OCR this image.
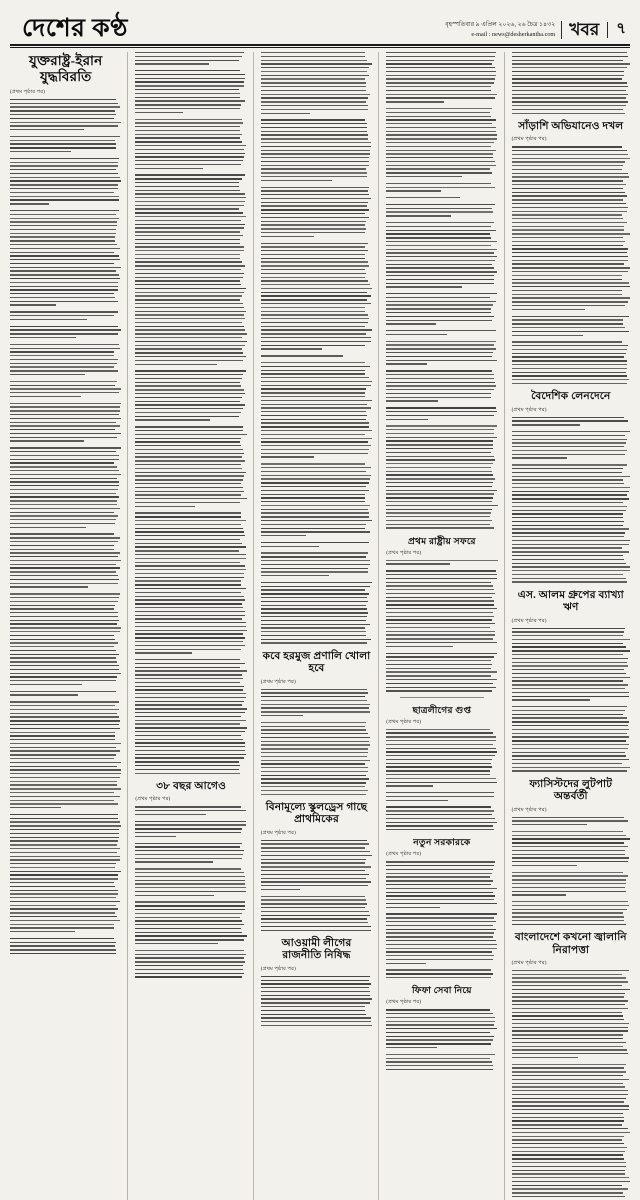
দেশের কণ্ঠ	বৃহস্পতিবার ৯ এপ্রিল ২০২৬, ২৬ চৈত্র ১৪৩২
e-mail : news@desherkantha.com খবর	৭
যুক্তরাষ্ট্র-ইরান যুদ্ধবিরতি
(প্রথম পৃষ্ঠার পর)
৩৮ বছর আগেও
(প্রথম পৃষ্ঠার পর)
কবে হরমুজ প্রণালি খোলা হবে
(প্রথম পৃষ্ঠার পর)
বিনামূল্যে স্কুলড্রেস গাছে প্রাথমিকের
(প্রথম পৃষ্ঠার পর)
আওয়ামী লীগের রাজনীতি নিষিদ্ধ
(প্রথম পৃষ্ঠার পর)
প্রথম রাষ্ট্রীয় সফরে
(প্রথম পৃষ্ঠার পর)
ছাত্রলীগের গুপ্ত
(প্রথম পৃষ্ঠার পর)
নতুন সরকারকে
(প্রথম পৃষ্ঠার পর)
ফিফা সেবা নিয়ে
(প্রথম পৃষ্ঠার পর)
সাঁড়াশি অভিযানেও দখল
(প্রথম পৃষ্ঠার পর)
বৈদেশিক লেনদেনে
(প্রথম পৃষ্ঠার পর)
এস. আলম গ্রুপের ব্যাখ্যা ঋণ
(প্রথম পৃষ্ঠার পর)
ফ্যাসিস্টদের লুটপাট অন্তর্বর্তী
(প্রথম পৃষ্ঠার পর)
বাংলাদেশে কখনো জ্বালানি নিরাপত্তা
(প্রথম পৃষ্ঠার পর)
